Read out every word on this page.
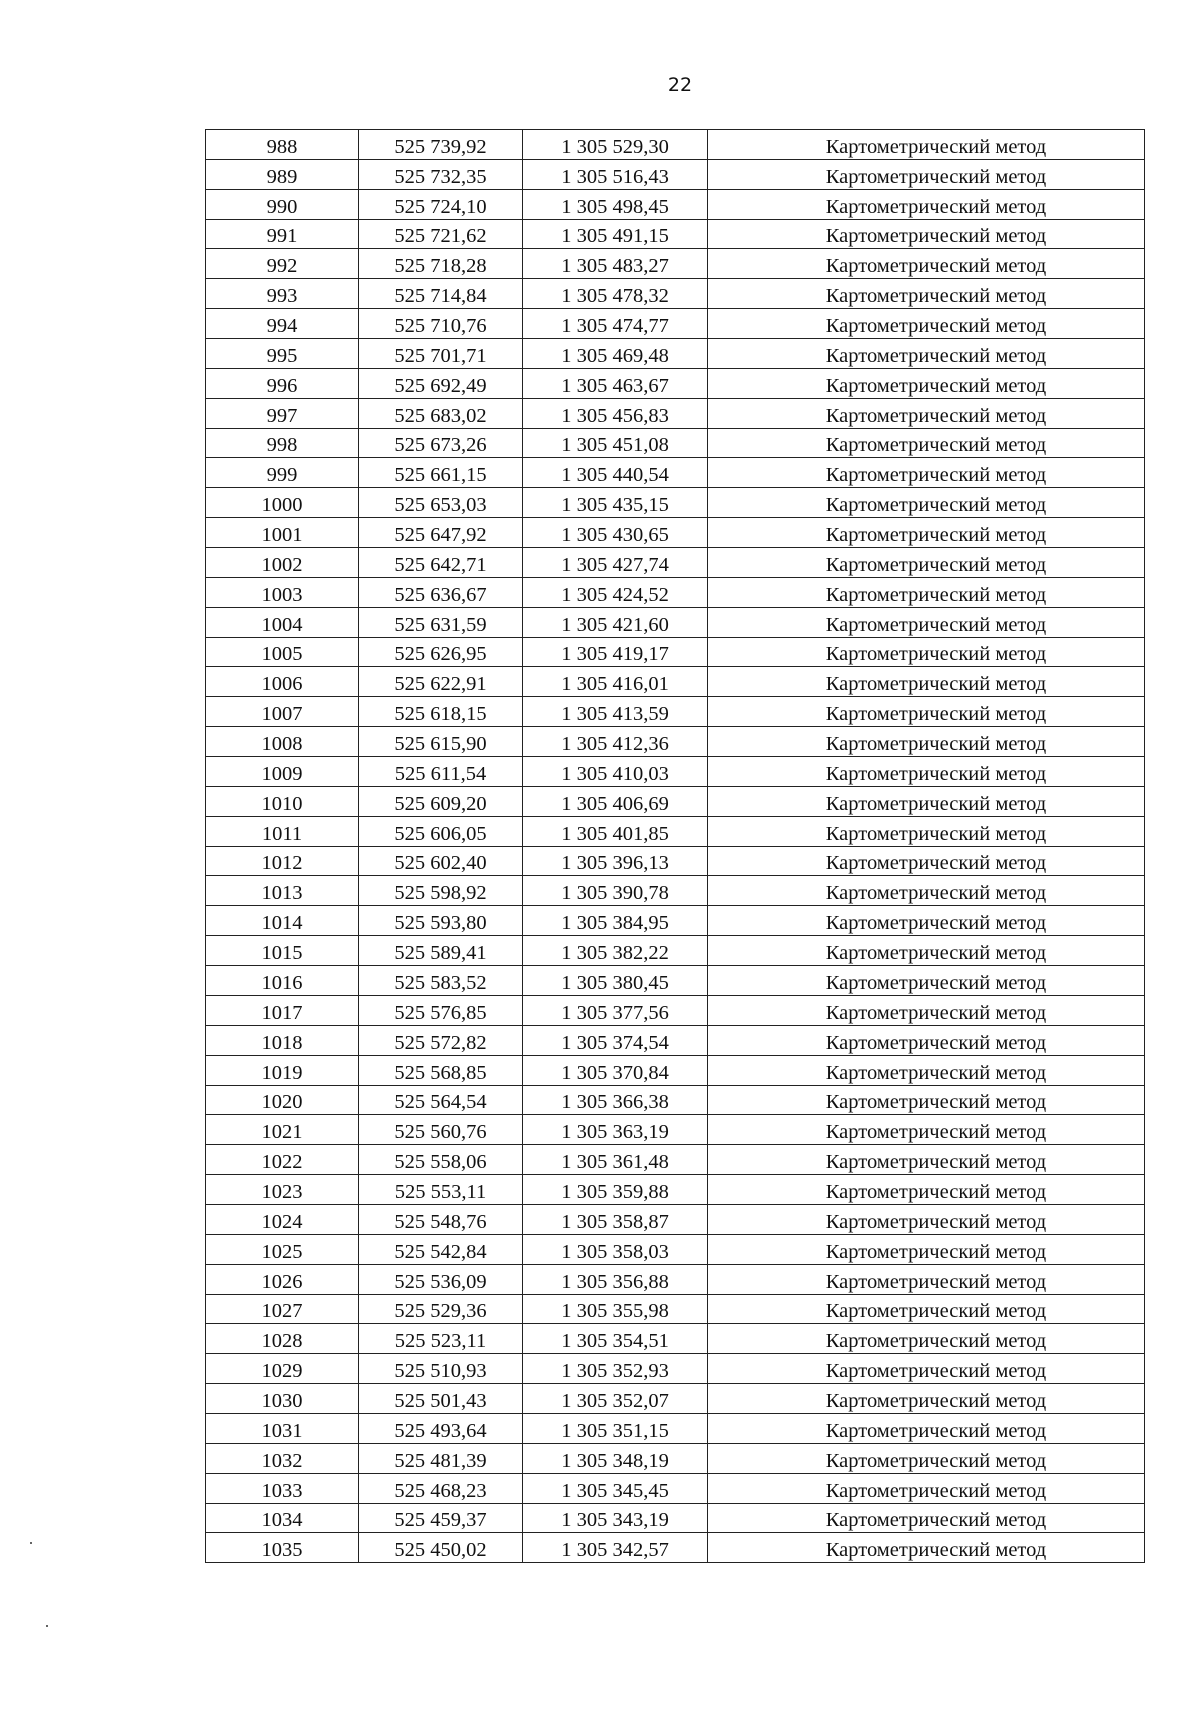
22
988	525 739,92	1 305 529,30	Картометрический метод
989	525 732,35	1 305 516,43	Картометрический метод
990	525 724,10	1 305 498,45	Картометрический метод
991	525 721,62	1 305 491,15	Картометрический метод
992	525 718,28	1 305 483,27	Картометрический метод
993	525 714,84	1 305 478,32	Картометрический метод
994	525 710,76	1 305 474,77	Картометрический метод
995	525 701,71	1 305 469,48	Картометрический метод
996	525 692,49	1 305 463,67	Картометрический метод
997	525 683,02	1 305 456,83	Картометрический метод
998	525 673,26	1 305 451,08	Картометрический метод
999	525 661,15	1 305 440,54	Картометрический метод
1000	525 653,03	1 305 435,15	Картометрический метод
1001	525 647,92	1 305 430,65	Картометрический метод
1002	525 642,71	1 305 427,74	Картометрический метод
1003	525 636,67	1 305 424,52	Картометрический метод
1004	525 631,59	1 305 421,60	Картометрический метод
1005	525 626,95	1 305 419,17	Картометрический метод
1006	525 622,91	1 305 416,01	Картометрический метод
1007	525 618,15	1 305 413,59	Картометрический метод
1008	525 615,90	1 305 412,36	Картометрический метод
1009	525 611,54	1 305 410,03	Картометрический метод
1010	525 609,20	1 305 406,69	Картометрический метод
1011	525 606,05	1 305 401,85	Картометрический метод
1012	525 602,40	1 305 396,13	Картометрический метод
1013	525 598,92	1 305 390,78	Картометрический метод
1014	525 593,80	1 305 384,95	Картометрический метод
1015	525 589,41	1 305 382,22	Картометрический метод
1016	525 583,52	1 305 380,45	Картометрический метод
1017	525 576,85	1 305 377,56	Картометрический метод
1018	525 572,82	1 305 374,54	Картометрический метод
1019	525 568,85	1 305 370,84	Картометрический метод
1020	525 564,54	1 305 366,38	Картометрический метод
1021	525 560,76	1 305 363,19	Картометрический метод
1022	525 558,06	1 305 361,48	Картометрический метод
1023	525 553,11	1 305 359,88	Картометрический метод
1024	525 548,76	1 305 358,87	Картометрический метод
1025	525 542,84	1 305 358,03	Картометрический метод
1026	525 536,09	1 305 356,88	Картометрический метод
1027	525 529,36	1 305 355,98	Картометрический метод
1028	525 523,11	1 305 354,51	Картометрический метод
1029	525 510,93	1 305 352,93	Картометрический метод
1030	525 501,43	1 305 352,07	Картометрический метод
1031	525 493,64	1 305 351,15	Картометрический метод
1032	525 481,39	1 305 348,19	Картометрический метод
1033	525 468,23	1 305 345,45	Картометрический метод
1034	525 459,37	1 305 343,19	Картометрический метод
1035	525 450,02	1 305 342,57	Картометрический метод
